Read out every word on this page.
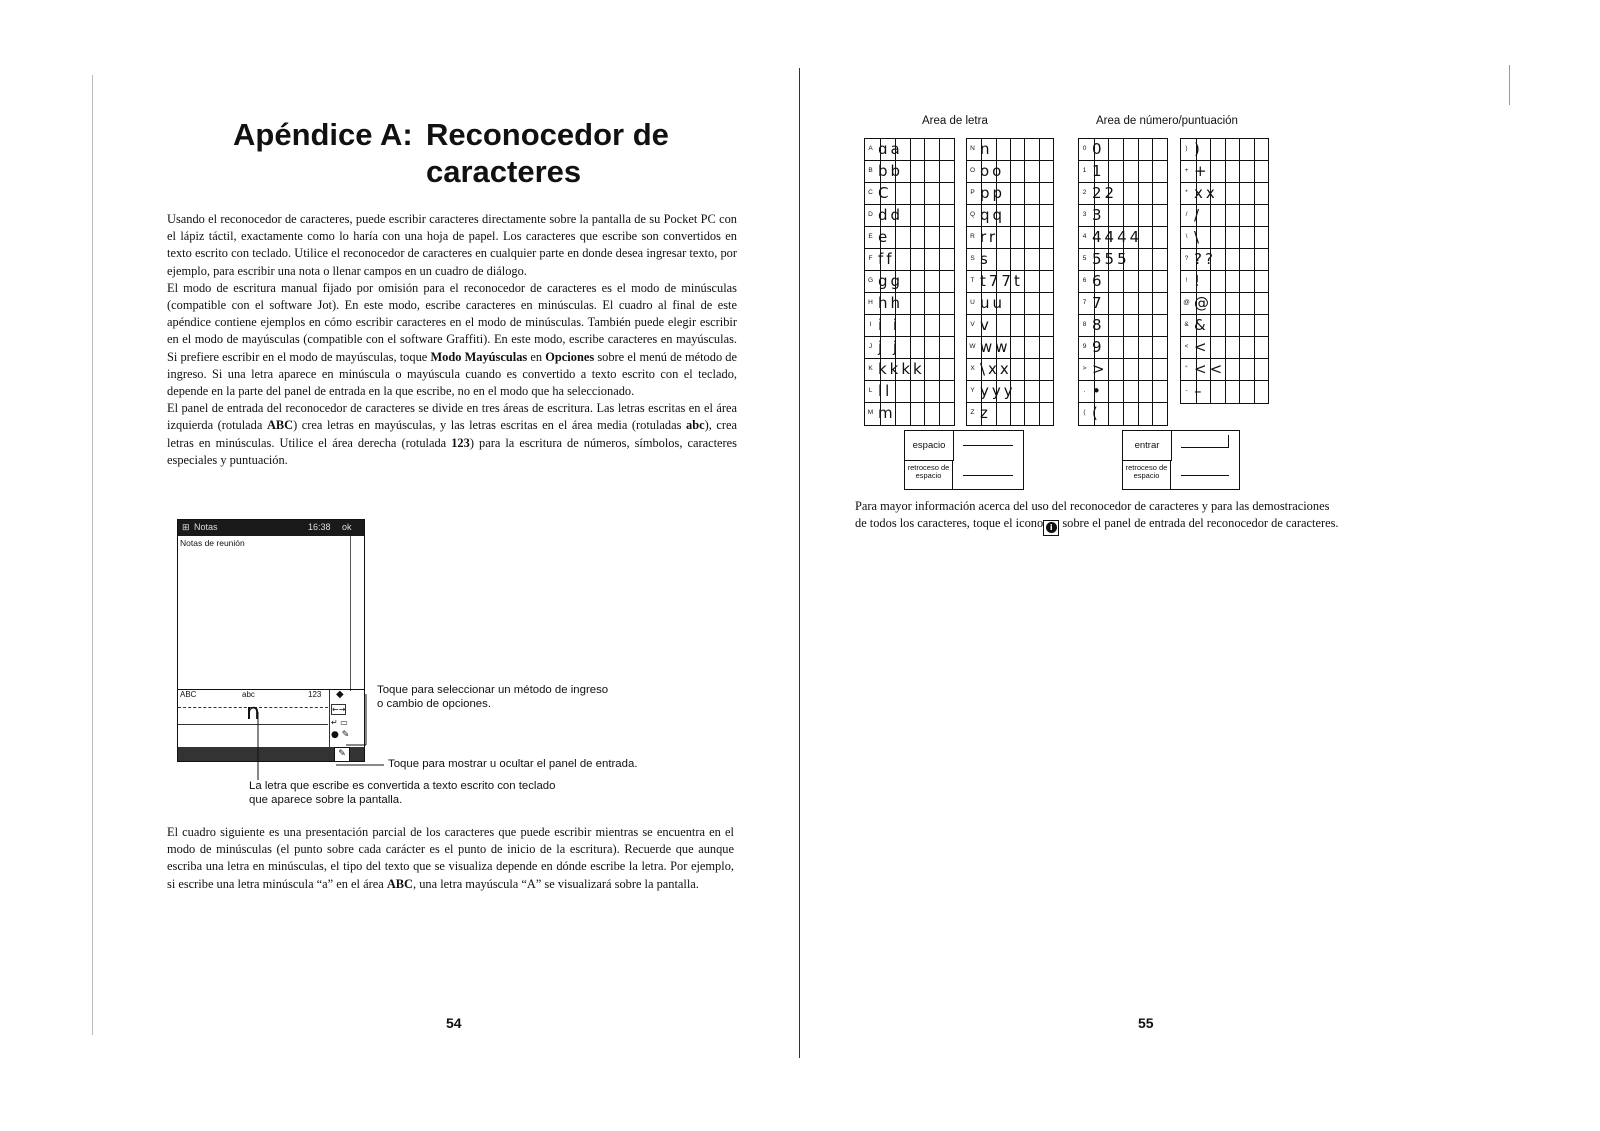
Apéndice A: Reconocedor de
caracteres

Usando el reconocedor de caracteres, puede escribir caracteres directamente sobre la pantalla de su Pocket PC con el lápiz táctil, exactamente como lo haría con una hoja de papel. Los caracteres que escribe son convertidos en texto escrito con teclado. Utilice el reconocedor de caracteres en cualquier parte en donde desea ingresar texto, por ejemplo, para escribir una nota o llenar campos en un cuadro de diálogo.

El modo de escritura manual fijado por omisión para el reconocedor de caracteres es el modo de minúsculas (compatible con el software Jot). En este modo, escribe caracteres en minúsculas. El cuadro al final de este apéndice contiene ejemplos en cómo escribir caracteres en el modo de minúsculas. También puede elegir escribir en el modo de mayúsculas (compatible con el software Graffiti). En este modo, escribe caracteres en mayúsculas. Si prefiere escribir en el modo de mayúsculas, toque Modo Mayúsculas en Opciones sobre el menú de método de ingreso. Si una letra aparece en minúscula o mayúscula cuando es convertido a texto escrito con el teclado, depende en la parte del panel de entrada en la que escribe, no en el modo que ha seleccionado.

El panel de entrada del reconocedor de caracteres se divide en tres áreas de escritura. Las letras escritas en el área izquierda (rotulada ABC) crea letras en mayúsculas, y las letras escritas en el área media (rotuladas abc), crea letras en minúsculas. Utilice el área derecha (rotulada 123) para la escritura de números, símbolos, caracteres especiales y puntuación.

⊞ Notas	16:38 ok
Notas de reunión
ABC	abc	123
n
◆
←→
↵ ▭
● ✎
✎
Toque para seleccionar un método de ingreso
o cambio de opciones.
Toque para mostrar u ocultar el panel de entrada.
La letra que escribe es convertida a texto escrito con teclado
que aparece sobre la pantalla.

El cuadro siguiente es una presentación parcial de los caracteres que puede escribir mientras se encuentra en el modo de minúsculas (el punto sobre cada carácter es el punto de inicio de la escritura). Recuerde que aunque escriba una letra en minúsculas, el tipo del texto que se visualiza depende en dónde escribe la letra. Por ejemplo, si escribe una letra minúscula “a” en el área ABC, una letra mayúscula “A” se visualizará sobre la pantalla.

54
Area de letra	Area de número/puntuación
A ɑa
B bb
C C
D dd
E e
F ff
G gg
H hh
I i i
J j j
K kkkk
L ll
M m
N n
O oo
P pp
Q qq
R rr
S s
T t77t
U uu
V v
W ww
X \xx
Y yyy
Z z
0 0
1 1
2 22
3 3
4 4444
5 555
6 6
7 7
8 8
9 9
> >
. •
( (
) )
+ +
* xx
/ /
\ \
? ??
! !
@ @
& &
< <
“ <<
- –
espacio
retroceso de espacio
entrar
retroceso de espacio
Para mayor información acerca del uso del reconocedor de caracteres y para las demostraciones
de todos los caracteres, toque el icono i sobre el panel de entrada del reconocedor de caracteres.
55
